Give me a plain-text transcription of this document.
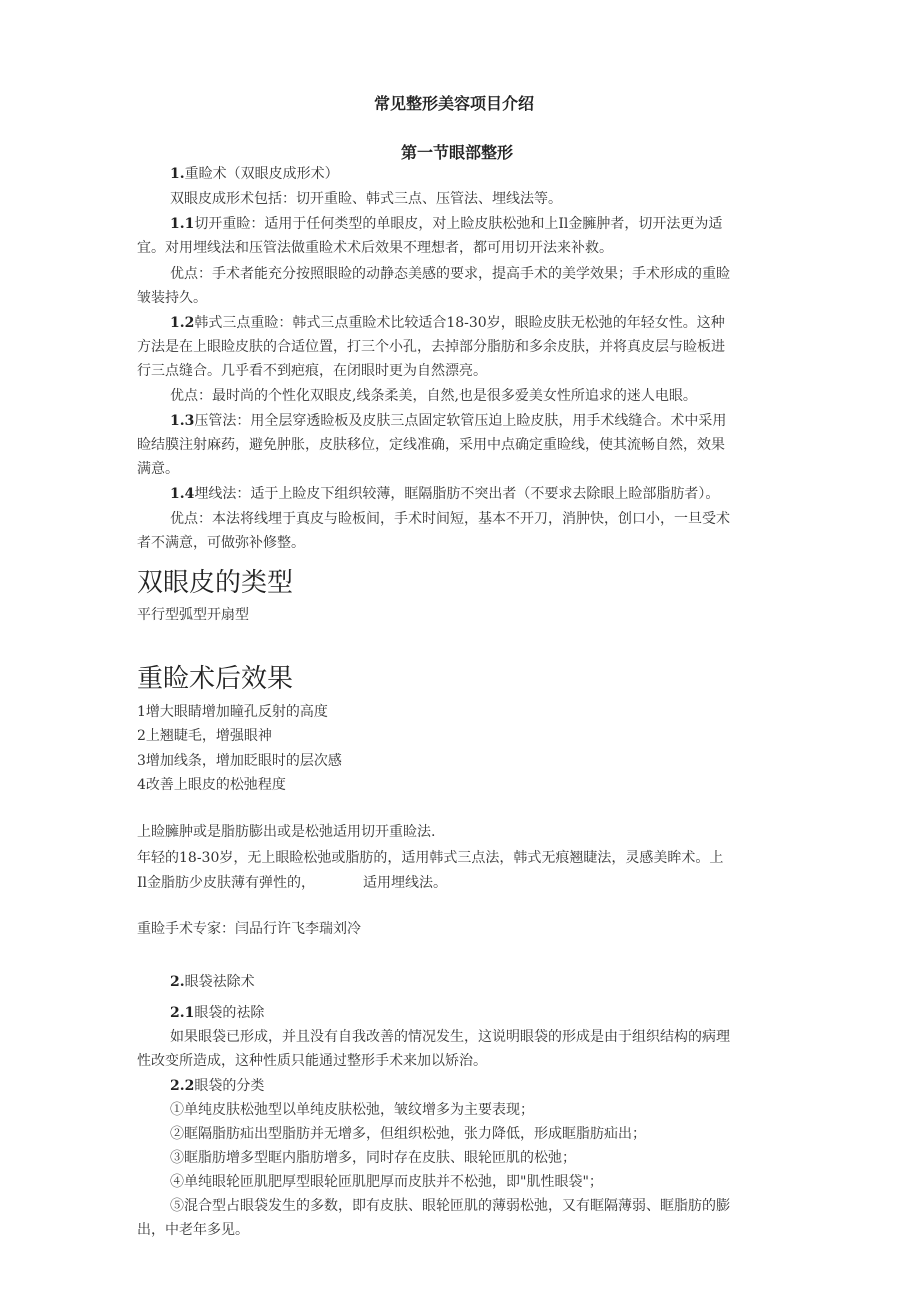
常见整形美容项目介绍
第一节眼部整形
1.重睑术（双眼皮成形术）
双眼皮成形术包括：切开重睑、韩式三点、压管法、埋线法等。
1.1切开重睑：适用于任何类型的单眼皮，对上睑皮肤松弛和上Il金臃肿者，切开法更为适
宜。对用埋线法和压管法做重睑术术后效果不理想者，都可用切开法来补救。
优点：手术者能充分按照眼睑的动静态美感的要求，提高手术的美学效果；手术形成的重睑
皱装持久。
1.2韩式三点重睑：韩式三点重睑术比较适合18-30岁，眼睑皮肤无松弛的年轻女性。这种
方法是在上眼睑皮肤的合适位置，打三个小孔，去掉部分脂肪和多余皮肤，并将真皮层与睑板进
行三点缝合。几乎看不到疤痕，在闭眼时更为自然漂亮。
优点：最时尚的个性化双眼皮,线条柔美，自然,也是很多爱美女性所追求的迷人电眼。
1.3压管法：用全层穿透睑板及皮肤三点固定软管压迫上睑皮肤，用手术线缝合。术中采用
睑结膜注射麻药，避免肿胀，皮肤移位，定线准确，采用中点确定重睑线，使其流畅自然，效果
满意。
1.4埋线法：适于上睑皮下组织较薄，眶隔脂肪不突出者（不要求去除眼上睑部脂肪者）。
优点：本法将线埋于真皮与睑板间，手术时间短，基本不开刀，消肿快，创口小，一旦受术
者不满意，可做弥补修整。
双眼皮的类型
平行型弧型开扇型
重睑术后效果
1增大眼睛增加瞳孔反射的高度
2上翘睫毛，增强眼神
3增加线条，增加眨眼时的层次感
4改善上眼皮的松弛程度
上睑臃肿或是脂肪膨出或是松弛适用切开重睑法.
年轻的18-30岁，无上眼睑松弛或脂肪的，适用韩式三点法，韩式无痕翘睫法，灵感美眸术。上
Il金脂肪少皮肤薄有弹性的，	适用埋线法。
重睑手术专家：闫品行许飞李瑞刘冷
2.眼袋祛除术
2.1眼袋的祛除
如果眼袋已形成，并且没有自我改善的情况发生，这说明眼袋的形成是由于组织结构的病理
性改变所造成，这种性质只能通过整形手术来加以矫治。
2.2眼袋的分类
①单纯皮肤松弛型以单纯皮肤松弛，皱纹增多为主要表现；
②眶隔脂肪疝出型脂肪并无增多，但组织松弛，张力降低，形成眶脂肪疝出；
③眶脂肪增多型眶内脂肪增多，同时存在皮肤、眼轮匝肌的松弛；
④单纯眼轮匝肌肥厚型眼轮匝肌肥厚而皮肤并不松弛，即"肌性眼袋"；
⑤混合型占眼袋发生的多数，即有皮肤、眼轮匝肌的薄弱松弛，又有眶隔薄弱、眶脂肪的膨
出，中老年多见。
